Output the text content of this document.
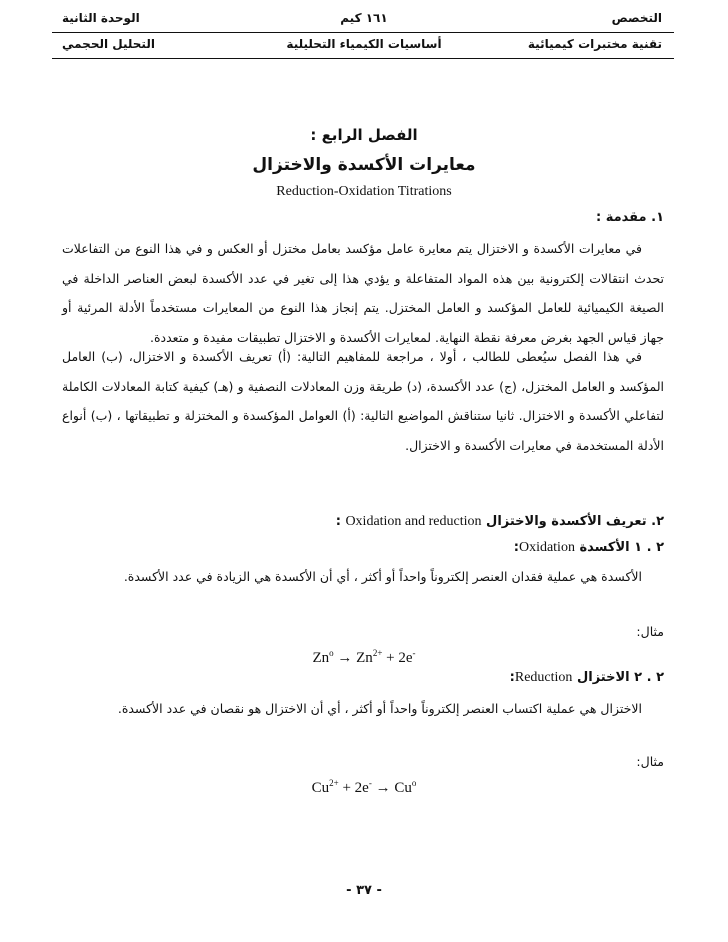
التخصص
١٦١ كيم
الوحدة الثانية
تقنية مختبرات كيميائية
أساسيات الكيمياء التحليلية
التحليل الحجمي
الفصل الرابع :
معايرات الأكسدة والاختزال
Reduction-Oxidation Titrations
١. مقدمة :
في معايرات الأكسدة و الاختزال يتم معايرة عامل مؤكسد بعامل مختزل أو العكس و في هذا النوع من التفاعلات تحدث انتقالات إلكترونية بين هذه المواد المتفاعلة و يؤدي هذا إلى تغير في عدد الأكسدة لبعض العناصر الداخلة في الصيغة الكيميائية للعامل المؤكسد و العامل المختزل. يتم إنجاز هذا النوع من المعايرات مستخدماً الأدلة المرئية أو جهاز قياس الجهد بغرض معرفة نقطة النهاية. لمعايرات الأكسدة و الاختزال تطبيقات مفيدة و متعددة.
في هذا الفصل سيُعطى للطالب ، أولا ، مراجعة للمفاهيم التالية: (أ) تعريف الأكسدة و الاختزال، (ب) العامل المؤكسد و العامل المختزل، (ج) عدد الأكسدة، (د) طريقة وزن المعادلات النصفية و (هـ) كيفية كتابة المعادلات الكاملة لتفاعلي الأكسدة و الاختزال. ثانيا ستناقش المواضيع التالية: (أ) العوامل المؤكسدة و المختزلة و تطبيقاتها ، (ب) أنواع الأدلة المستخدمة في معايرات الأكسدة و الاختزال.
٢. تعريف الأكسدة والاختزال Oxidation and reduction :
٢ . ١ الأكسدة Oxidation:
الأكسدة هي عملية فقدان العنصر إلكتروناً واحداً أو أكثر ، أي أن الأكسدة هي الزيادة في عدد الأكسدة.
مثال:
$Zn^o \to Zn^{2+} + 2e^-$
٢ . ٢ الاختزال Reduction:
الاختزال هي عملية اكتساب العنصر إلكتروناً واحداً أو أكثر ، أي أن الاختزال هو نقصان في عدد الأكسدة.
مثال:
$Cu^{2+} + 2e^- \to Cu^o$
- ٣٧ -
